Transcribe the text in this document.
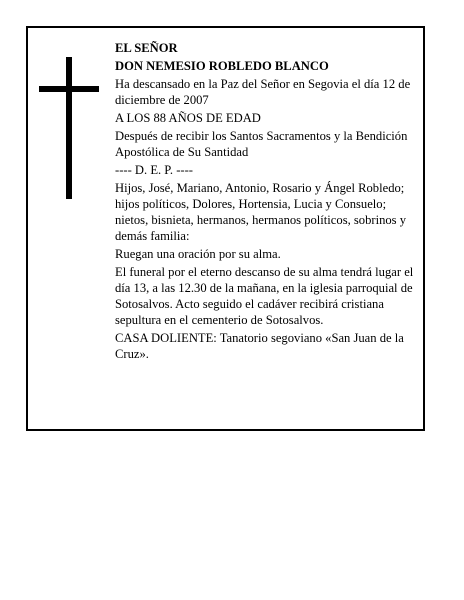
EL SEÑOR

DON NEMESIO ROBLEDO BLANCO

Ha descansado en la Paz del Señor en Segovia el día 12 de diciembre de 2007

A LOS 88 AÑOS DE EDAD

Después de recibir los Santos Sacramentos y la Bendición Apostólica de Su Santidad

---- D. E. P. ----

Hijos, José, Mariano, Antonio, Rosario y Ángel Robledo; hijos políticos, Dolores, Hortensia, Lucia y Consuelo; nietos, bisnieta, hermanos, hermanos políticos, sobrinos y demás familia:

Ruegan una oración por su alma.

El funeral por el eterno descanso de su alma tendrá lugar el día 13, a las 12.30 de la mañana, en la iglesia parroquial de Sotosalvos. Acto seguido el cadáver recibirá cristiana sepultura en el cementerio de Sotosalvos.

CASA DOLIENTE: Tanatorio segoviano «San Juan de la Cruz».
